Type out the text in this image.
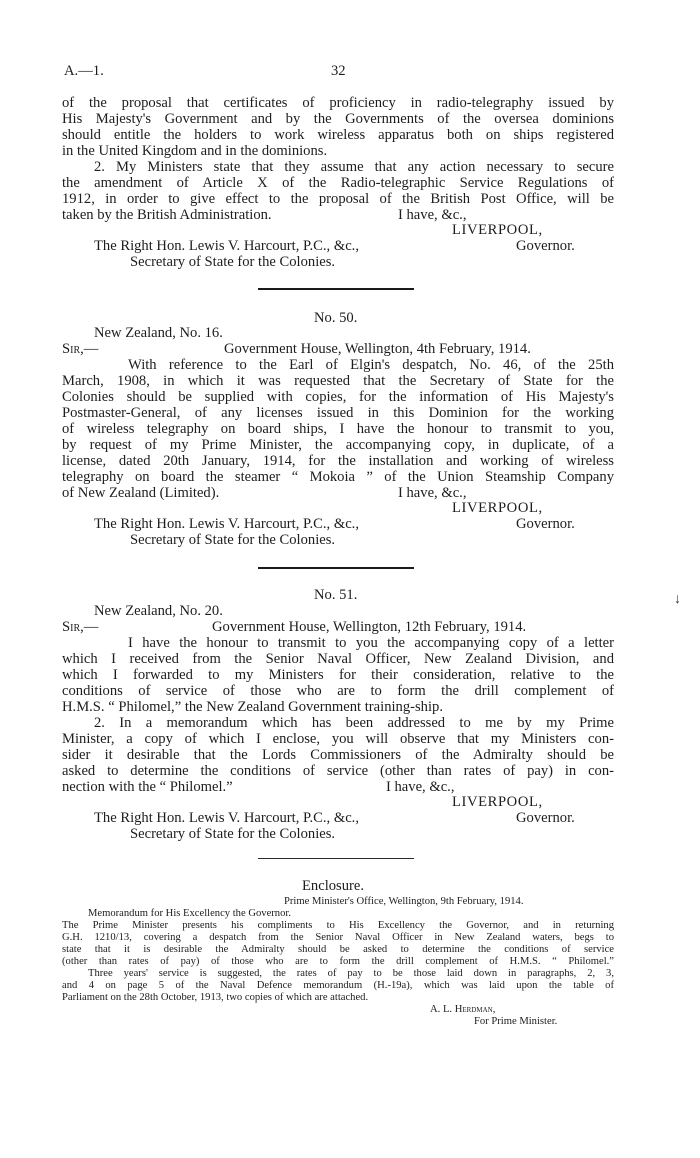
A.—1.	32
of the proposal that certificates of proficiency in radio-telegraphy issued by
His Majesty's Government and by the Governments of the oversea dominions
should entitle the holders to work wireless apparatus both on ships registered
in the United Kingdom and in the dominions.
2. My Ministers state that they assume that any action necessary to secure
the amendment of Article X of the Radio-telegraphic Service Regulations of
1912, in order to give effect to the proposal of the British Post Office, will be
taken by the British Administration.	I have, &c.,
LIVERPOOL,
The Right Hon. Lewis V. Harcourt, P.C., &c.,	Governor.
Secretary of State for the Colonies.
No. 50.
New Zealand, No. 16.
Sir,—	Government House, Wellington, 4th February, 1914.
With reference to the Earl of Elgin's despatch, No. 46, of the 25th
March, 1908, in which it was requested that the Secretary of State for the
Colonies should be supplied with copies, for the information of His Majesty's
Postmaster-General, of any licenses issued in this Dominion for the working
of wireless telegraphy on board ships, I have the honour to transmit to you,
by request of my Prime Minister, the accompanying copy, in duplicate, of a
license, dated 20th January, 1914, for the installation and working of wireless
telegraphy on board the steamer “ Mokoia ” of the Union Steamship Company
of New Zealand (Limited).	I have, &c.,
LIVERPOOL,
The Right Hon. Lewis V. Harcourt, P.C., &c.,	Governor.
Secretary of State for the Colonies.
No. 51.
New Zealand, No. 20.
Sir,—	Government House, Wellington, 12th February, 1914.
I have the honour to transmit to you the accompanying copy of a letter
which I received from the Senior Naval Officer, New Zealand Division, and
which I forwarded to my Ministers for their consideration, relative to the
conditions of service of those who are to form the drill complement of
H.M.S. “ Philomel,” the New Zealand Government training-ship.
2. In a memorandum which has been addressed to me by my Prime
Minister, a copy of which I enclose, you will observe that my Ministers con-
sider it desirable that the Lords Commissioners of the Admiralty should be
asked to determine the conditions of service (other than rates of pay) in con-
nection with the “ Philomel.”	I have, &c.,
LIVERPOOL,
The Right Hon. Lewis V. Harcourt, P.C., &c.,	Governor.
Secretary of State for the Colonies.
Enclosure.
Prime Minister's Office, Wellington, 9th February, 1914.
Memorandum for His Excellency the Governor.
The Prime Minister presents his compliments to His Excellency the Governor, and in returning
G.H. 1210/13, covering a despatch from the Senior Naval Officer in New Zealand waters, begs to
state that it is desirable the Admiralty should be asked to determine the conditions of service
(other than rates of pay) of those who are to form the drill complement of H.M.S. “ Philomel.”
Three years' service is suggested, the rates of pay to be those laid down in paragraphs, 2, 3,
and 4 on page 5 of the Naval Defence memorandum (H.-19a), which was laid upon the table of
Parliament on the 28th October, 1913, two copies of which are attached.
A. L. Herdman,
For Prime Minister.
↓
